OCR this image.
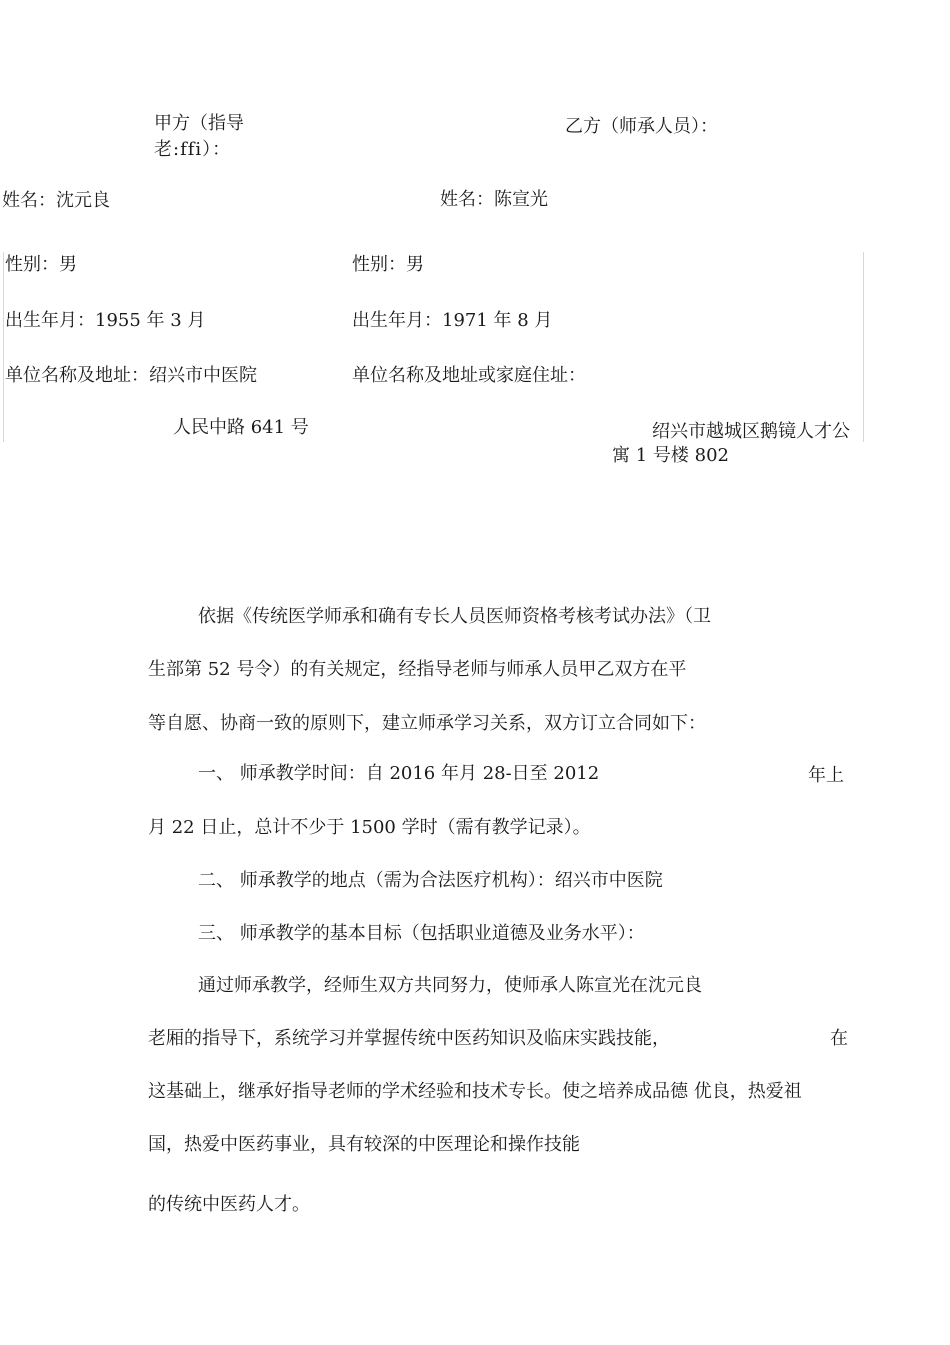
甲方（指导
老:ffi）：
乙方（师承人员）：
姓名：沈元良	姓名：陈宣光
性别：男	性别：男
出生年月：1955 年 3 月	出生年月：1971 年 8 月
单位名称及地址：绍兴市中医院	单位名称及地址或家庭住址：
人民中路 641 号	绍兴市越城区鹅镜人才公
寓 1 号楼 802
依据《传统医学师承和确有专长人员医师资格考核考试办法》（卫
生部第 52 号令）的有关规定，经指导老师与师承人员甲乙双方在平
等自愿、协商一致的原则下，建立师承学习关系，双方订立合同如下：
一、 师承教学时间：自 2016 年月 28-日至 2012	年上
月 22 日止，总计不少于 1500 学时（需有教学记录）。
二、 师承教学的地点（需为合法医疗机构）：绍兴市中医院
三、 师承教学的基本目标（包括职业道德及业务水平）：
通过师承教学，经师生双方共同努力，使师承人陈宣光在沈元良
老厢的指导下，系统学习并掌握传统中医药知识及临床实践技能，	在
这基础上，继承好指导老师的学术经验和技术专长。使之培养成品德 优良，热爱祖
国，热爱中医药事业，具有较深的中医理论和操作技能
的传统中医药人才。
